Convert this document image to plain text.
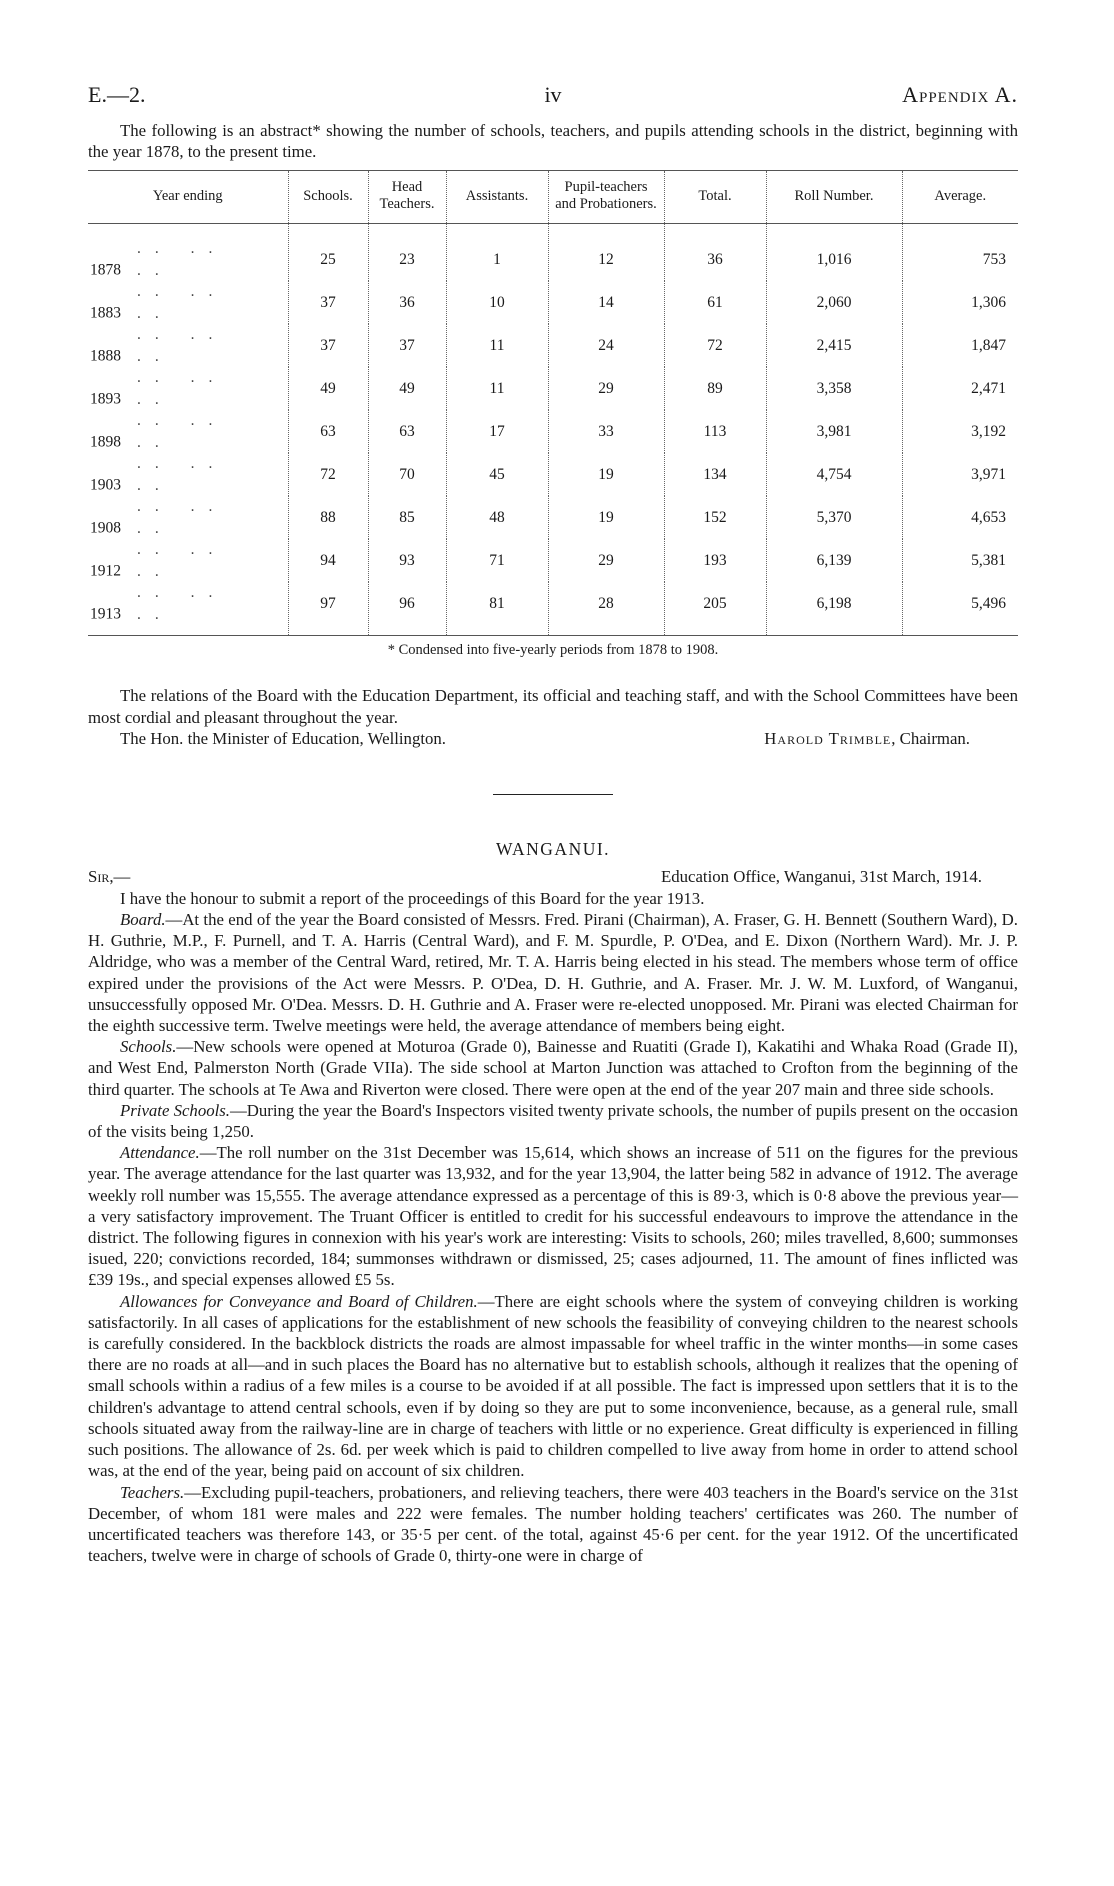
E.—2.	iv	Appendix A.

The following is an abstract* showing the number of schools, teachers, and pupils attending schools in the district, beginning with the year 1878, to the present time.

Year ending	Schools.	Head Teachers.	Assistants.	Pupil-teachers and Probationers.	Total.	Roll Number.	Average.
1878.. .. ..	25	23	1	12	36	1,016	753
1883.. .. ..	37	36	10	14	61	2,060	1,306
1888.. .. ..	37	37	11	24	72	2,415	1,847
1893.. .. ..	49	49	11	29	89	3,358	2,471
1898.. .. ..	63	63	17	33	113	3,981	3,192
1903.. .. ..	72	70	45	19	134	4,754	3,971
1908.. .. ..	88	85	48	19	152	5,370	4,653
1912.. .. ..	94	93	71	29	193	6,139	5,381
1913.. .. ..	97	96	81	28	205	6,198	5,496
* Condensed into five-yearly periods from 1878 to 1908.

The relations of the Board with the Education Department, its official and teaching staff, and with the School Committees have been most cordial and pleasant throughout the year.

The Hon. the Minister of Education, Wellington.	Harold Trimble, Chairman.
WANGANUI.
Sir,—	Education Office, Wanganui, 31st March, 1914.

I have the honour to submit a report of the proceedings of this Board for the year 1913.

Board.—At the end of the year the Board consisted of Messrs. Fred. Pirani (Chairman), A. Fraser, G. H. Bennett (Southern Ward), D. H. Guthrie, M.P., F. Purnell, and T. A. Harris (Central Ward), and F. M. Spurdle, P. O'Dea, and E. Dixon (Northern Ward). Mr. J. P. Aldridge, who was a member of the Central Ward, retired, Mr. T. A. Harris being elected in his stead. The members whose term of office expired under the provisions of the Act were Messrs. P. O'Dea, D. H. Guthrie, and A. Fraser. Mr. J. W. M. Luxford, of Wanganui, unsuccessfully opposed Mr. O'Dea. Messrs. D. H. Guthrie and A. Fraser were re-elected unopposed. Mr. Pirani was elected Chairman for the eighth successive term. Twelve meetings were held, the average attendance of members being eight.

Schools.—New schools were opened at Moturoa (Grade 0), Bainesse and Ruatiti (Grade I), Kakatihi and Whaka Road (Grade II), and West End, Palmerston North (Grade VIIa). The side school at Marton Junction was attached to Crofton from the beginning of the third quarter. The schools at Te Awa and Riverton were closed. There were open at the end of the year 207 main and three side schools.

Private Schools.—During the year the Board's Inspectors visited twenty private schools, the number of pupils present on the occasion of the visits being 1,250.

Attendance.—The roll number on the 31st December was 15,614, which shows an increase of 511 on the figures for the previous year. The average attendance for the last quarter was 13,932, and for the year 13,904, the latter being 582 in advance of 1912. The average weekly roll number was 15,555. The average attendance expressed as a percentage of this is 89·3, which is 0·8 above the previous year—a very satisfactory improvement. The Truant Officer is entitled to credit for his successful endeavours to improve the attendance in the district. The following figures in connexion with his year's work are interesting: Visits to schools, 260; miles travelled, 8,600; summonses isued, 220; convictions recorded, 184; summonses withdrawn or dismissed, 25; cases adjourned, 11. The amount of fines inflicted was £39 19s., and special expenses allowed £5 5s.

Allowances for Conveyance and Board of Children.—There are eight schools where the system of conveying children is working satisfactorily. In all cases of applications for the establishment of new schools the feasibility of conveying children to the nearest schools is carefully considered. In the backblock districts the roads are almost impassable for wheel traffic in the winter months—in some cases there are no roads at all—and in such places the Board has no alternative but to establish schools, although it realizes that the opening of small schools within a radius of a few miles is a course to be avoided if at all possible. The fact is impressed upon settlers that it is to the children's advantage to attend central schools, even if by doing so they are put to some inconvenience, because, as a general rule, small schools situated away from the railway-line are in charge of teachers with little or no experience. Great difficulty is experienced in filling such positions. The allowance of 2s. 6d. per week which is paid to children compelled to live away from home in order to attend school was, at the end of the year, being paid on account of six children.

Teachers.—Excluding pupil-teachers, probationers, and relieving teachers, there were 403 teachers in the Board's service on the 31st December, of whom 181 were males and 222 were females. The number holding teachers' certificates was 260. The number of uncertificated teachers was therefore 143, or 35·5 per cent. of the total, against 45·6 per cent. for the year 1912. Of the uncertificated teachers, twelve were in charge of schools of Grade 0, thirty-one were in charge of
